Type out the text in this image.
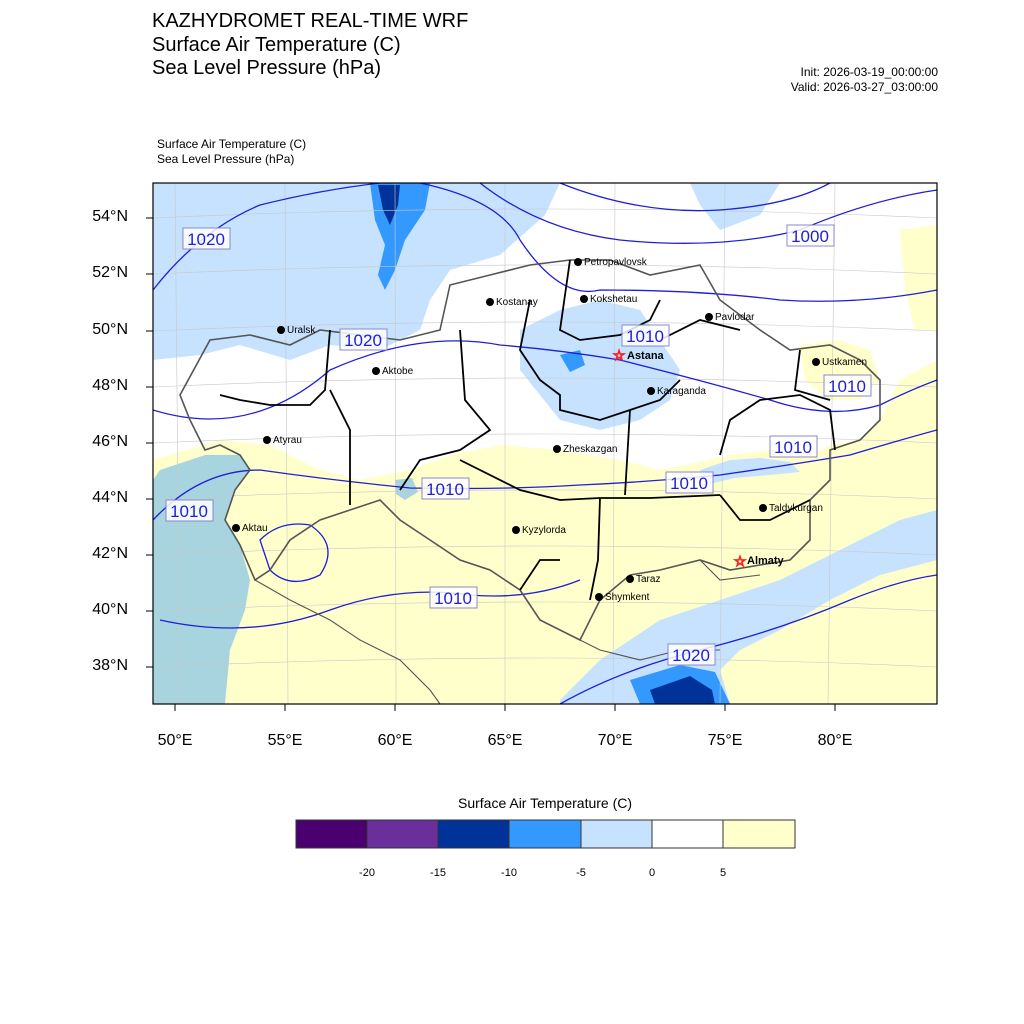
KAZHYDROMET REAL-TIME WRF
Surface Air Temperature (C)
Sea Level Pressure (hPa)	Init: 2026-03-19_00:00:00
Valid: 2026-03-27_03:00:00
Surface Air Temperature (C)
Sea Level Pressure (hPa)
1020	1000
1020	1010
1010
1010
1010
1010
1010
1010
1020
Petropavlovsk
Kostanay	Kokshetau
Pavlodar
Uralsk
Aktobe
☆ Astana
Ustkamen
Karaganda
Atyrau
Zheskazgan
Taldykurgan
Aktau	Kyzylorda
☆ Almaty
Taraz
Shymkent
54°N
52°N
50°N
48°N
46°N
44°N
42°N
40°N
38°N
50°E	55°E	60°E	65°E	70°E	75°E	80°E
Surface Air Temperature (C)
-20	-15	-10	-5	0	5
